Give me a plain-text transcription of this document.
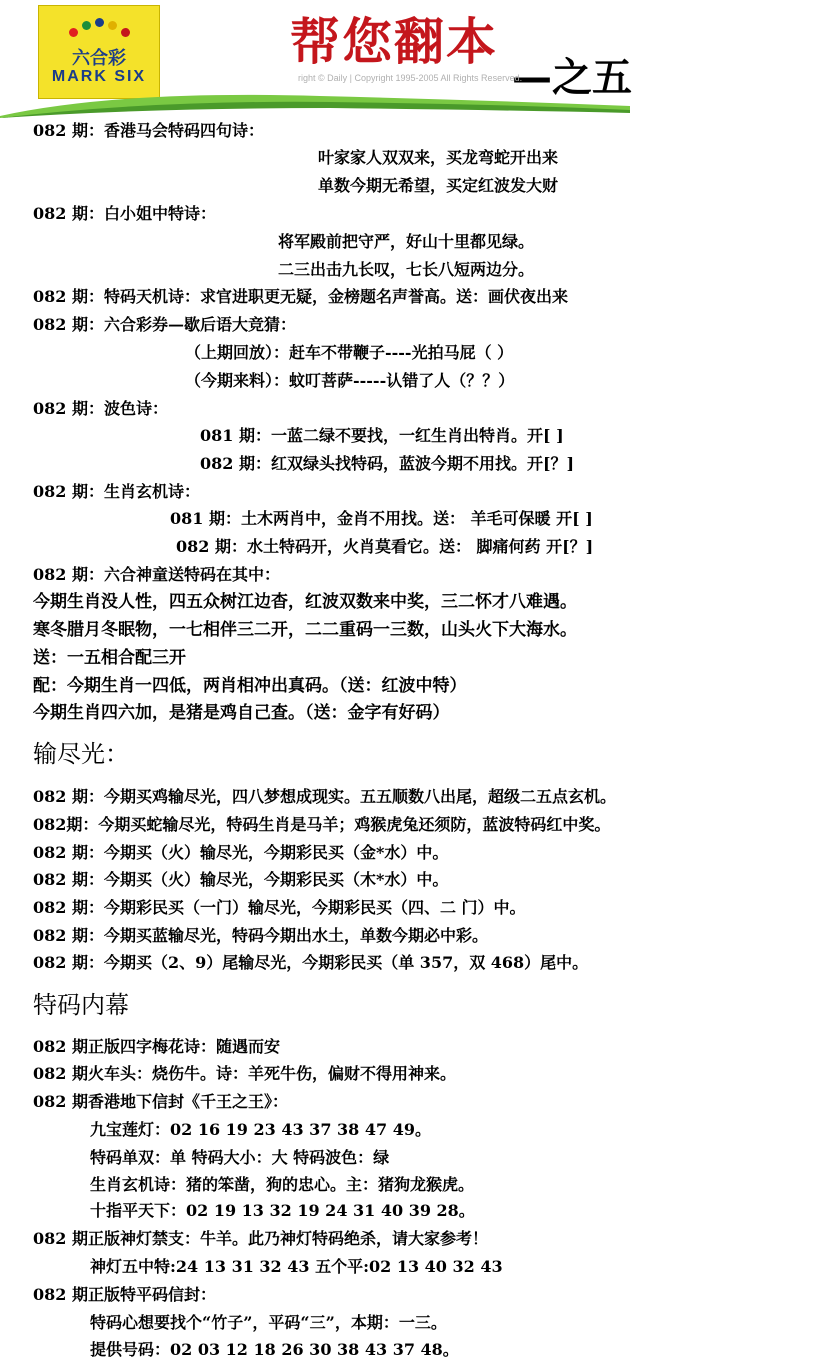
六合彩
MARK SIX
帮您翻本
—之五
right © Daily | Copyright 1995-2005 All Rights Reserved.
082 期：香港马会特码四句诗：
叶家家人双双来，买龙弯蛇开出来
单数今期无希望，买定红波发大财
082 期：白小姐中特诗：
将军殿前把守严，好山十里都见绿。
二三出击九长叹，七长八短两边分。
082 期：特码天机诗：求官进职更无疑，金榜题名声誉高。送：画伏夜出来
082 期：六合彩券—歇后语大竞猜：
（上期回放）：赶车不带鞭子----光拍马屁（ ）
（今期来料）：蚊叮菩萨-----认错了人（？？）
082 期：波色诗：
081 期：一蓝二绿不要找，一红生肖出特肖。开[ ]
082 期：红双绿头找特码，蓝波今期不用找。开[？]
082 期：生肖玄机诗：
081 期：土木两肖中，金肖不用找。送： 羊毛可保暖 开[ ]
082 期：水土特码开，火肖莫看它。送： 脚痛何药 开[？]
082 期：六合神童送特码在其中：
今期生肖没人性，四五众树江边杳，红波双数来中奖，三二怀才八难遇。
寒冬腊月冬眠物，一七相伴三二开，二二重码一三数，山头火下大海水。
送：一五相合配三开
配：今期生肖一四低，两肖相冲出真码。（送：红波中特）
今期生肖四六加，是猪是鸡自己查。（送：金字有好码）
输尽光：
082 期：今期买鸡输尽光，四八梦想成现实。五五顺数八出尾，超级二五点玄机。
082期：今期买蛇输尽光，特码生肖是马羊；鸡猴虎兔还须防，蓝波特码红中奖。
082 期：今期买（火）输尽光，今期彩民买（金*水）中。
082 期：今期买（火）输尽光，今期彩民买（木*水）中。
082 期：今期彩民买（一门）输尽光，今期彩民买（四、二 门）中。
082 期：今期买蓝输尽光，特码今期出水土，单数今期必中彩。
082 期：今期买（2、9）尾输尽光，今期彩民买（单 357，双 468）尾中。
特码内幕
082 期正版四字梅花诗：随遇而安
082 期火车头：烧伤牛。诗：羊死牛伤，偏财不得用神来。
082 期香港地下信封《千王之王》：
九宝莲灯：02 16 19 23 43 37 38 47 49。
特码单双：单 特码大小：大 特码波色：绿
生肖玄机诗：猪的笨凿，狗的忠心。主：猪狗龙猴虎。
十指平天下：02 19 13 32 19 24 31 40 39 28。
082 期正版神灯禁支：牛羊。此乃神灯特码绝杀，请大家参考！
神灯五中特:24 13 31 32 43 五个平:02 13 40 32 43
082 期正版特平码信封：
特码心想要找个“竹子”，平码“三”，本期：一三。
提供号码：02 03 12 18 26 30 38 43 37 48。
